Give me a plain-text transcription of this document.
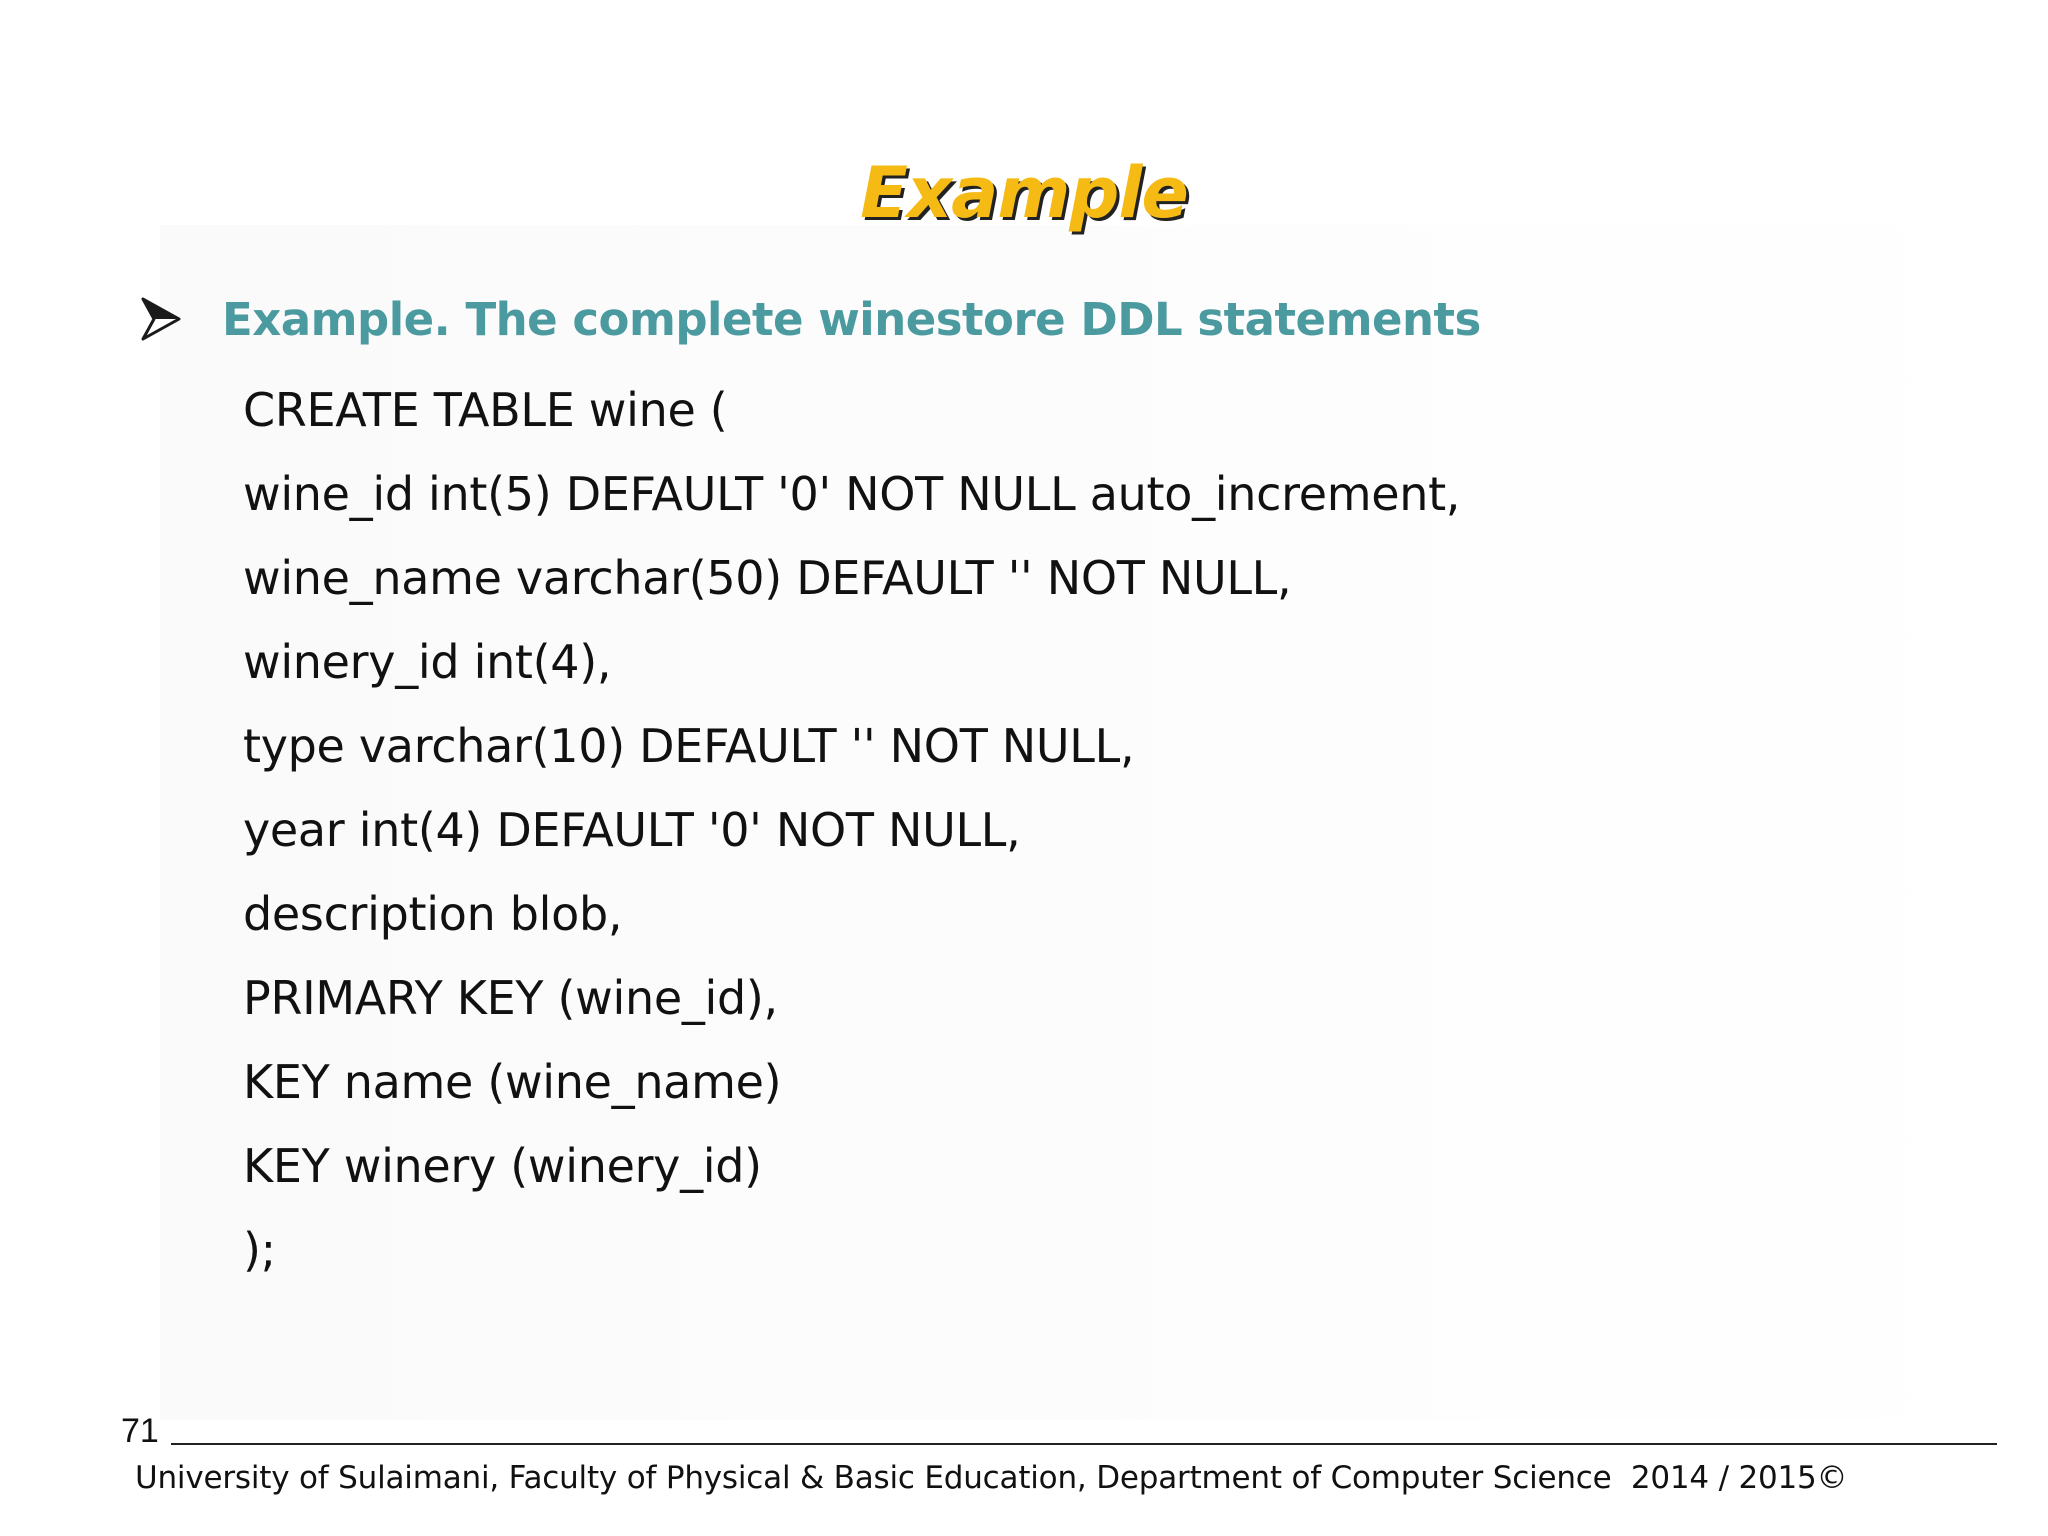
Example
Example. The complete winestore DDL statements
CREATE TABLE wine (
wine_id int(5) DEFAULT '0' NOT NULL auto_increment,
wine_name varchar(50) DEFAULT '' NOT NULL,
winery_id int(4),
type varchar(10) DEFAULT '' NOT NULL,
year int(4) DEFAULT '0' NOT NULL,
description blob,
PRIMARY KEY (wine_id),
KEY name (wine_name)
KEY winery (winery_id)
);
71
University of Sulaimani, Faculty of Physical & Basic Education, Department of Computer Science  2014 / 2015©
